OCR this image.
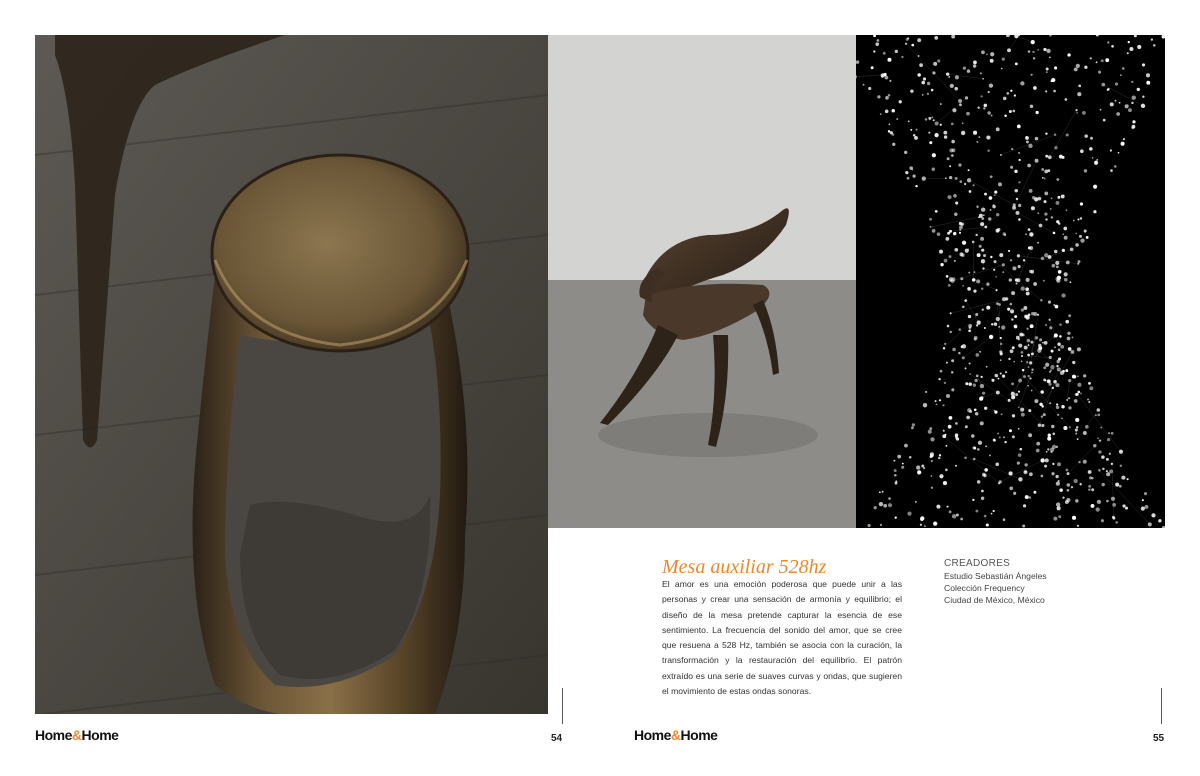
Home&Home	54
Mesa auxiliar 528hz

El amor es una emoción poderosa que puede unir a las personas y crear una sensación de armonía y equilibrio; el diseño de la mesa pretende capturar la esencia de ese sentimiento. La frecuencia del sonido del amor, que se cree que resuena a 528 Hz, también se asocia con la curación, la transformación y la restauración del equilibrio. El patrón extraído es una serie de suaves curvas y ondas, que sugieren el movimiento de estas ondas sonoras.

CREADORES
Estudio Sebastián Ángeles
Colección Frequency
Ciudad de México, México
Home&Home	55
